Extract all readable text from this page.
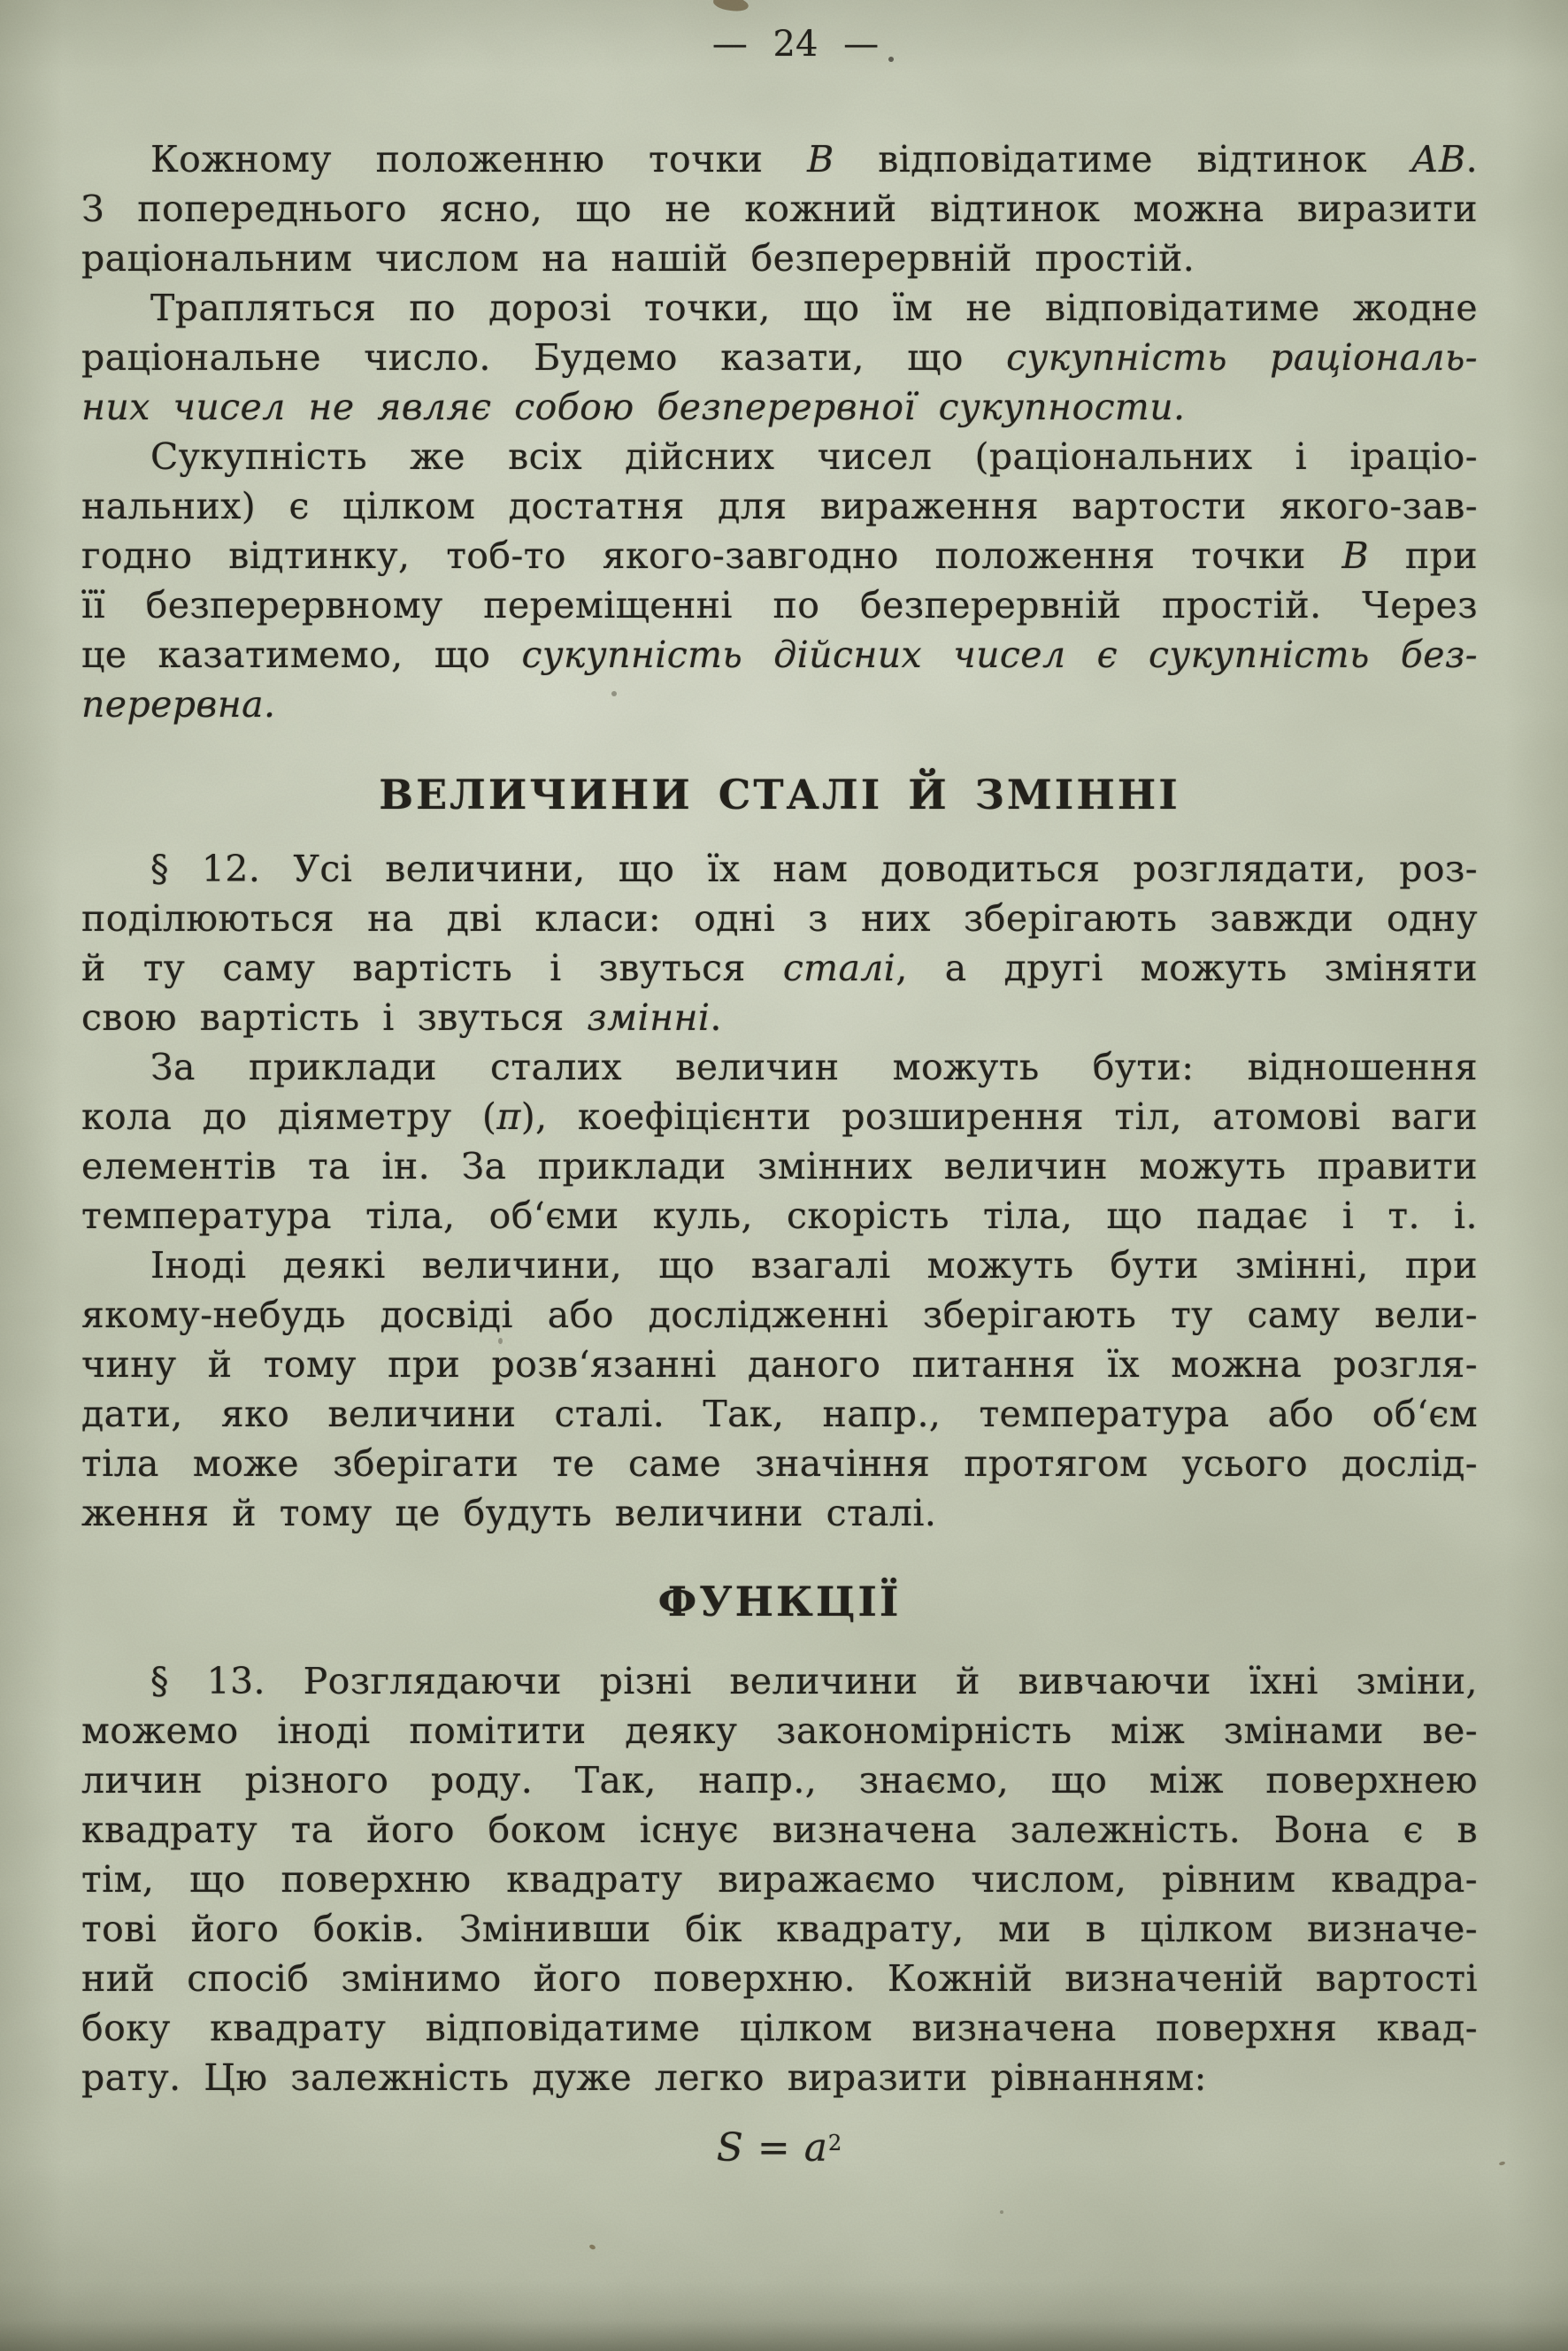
— 24 —
Кожному положенню точки В відповідатиме відтинок АВ.
З попереднього ясно, що не кожний відтинок можна виразити
раціональним числом на нашій безперервній простій.
Трапляться по дорозі точки, що їм не відповідатиме жодне
раціональне число. Будемо казати, що сукупність раціональ-
них чисел не являє собою безперервної сукупности.
Сукупність же всіх дійсних чисел (раціональних і іраціо-
нальних) є цілком достатня для вираження вартости якого-зав-
годно відтинку, тоб-то якого-завгодно положення точки В при
її безперервному переміщенні по безперервній простій. Через
це казатимемо, що сукупність дійсних чисел є сукупність без-
перервна.
ВЕЛИЧИНИ СТАЛІ Й ЗМІННІ
§ 12. Усі величини, що їх нам доводиться розглядати, роз-
поділюються на дві класи: одні з них зберігають завжди одну
й ту саму вартість і звуться сталі, а другі можуть зміняти
свою вартість і звуться змінні.
За приклади сталих величин можуть бути: відношення
кола до діяметру (π), коефіцієнти розширення тіл, атомові ваги
елементів та ін. За приклади змінних величин можуть правити
температура тіла, об‘єми куль, скорість тіла, що падає і т. і.
Іноді деякі величини, що взагалі можуть бути змінні, при
якому-небудь досвіді або дослідженні зберігають ту саму вели-
чину й тому при розв‘язанні даного питання їх можна розгля-
дати, яко величини сталі. Так, напр., температура або об‘єм
тіла може зберігати те саме значіння протягом усього дослід-
ження й тому це будуть величини сталі.
ФУНКЦІЇ
§ 13. Розглядаючи різні величини й вивчаючи їхні зміни,
можемо іноді помітити деяку закономірність між змінами ве-
личин різного роду. Так, напр., знаємо, що між поверхнею
квадрату та його боком існує визначена залежність. Вона є в
тім, що поверхню квадрату виражаємо числом, рівним квадра-
тові його боків. Змінивши бік квадрату, ми в цілком визначе-
ний спосіб змінимо його поверхню. Кожній визначеній вартості
боку квадрату відповідатиме цілком визначена поверхня квад-
рату. Цю залежність дуже легко виразити рівнанням:
$S = a^2$
